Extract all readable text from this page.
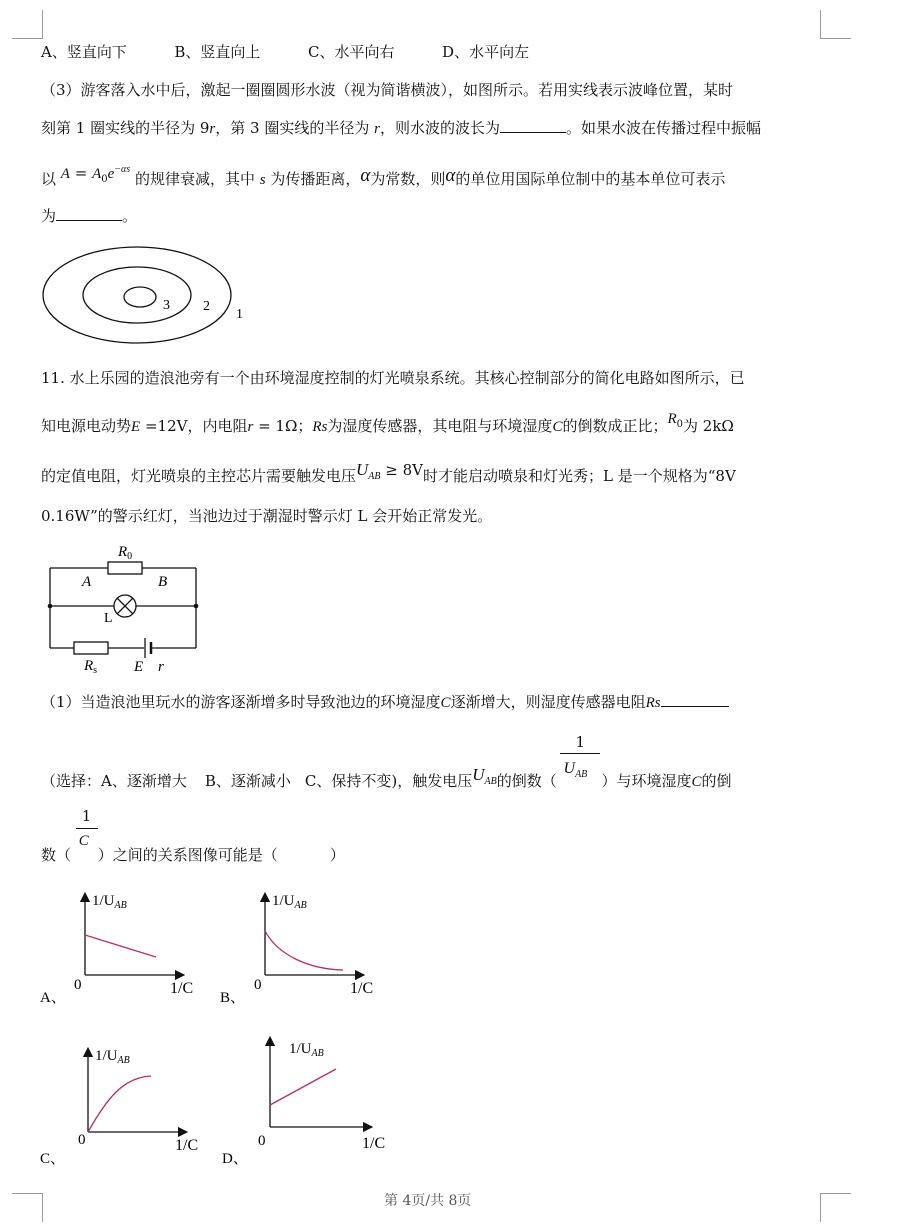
A、竖直向下	B、竖直向上	C、水平向右	D、水平向左
（3）游客落入水中后，激起一圈圈圆形水波（视为简谐横波），如图所示。若用实线表示波峰位置，某时
刻第 1 圈实线的半径为 9r，第 3 圈实线的半径为 r，则水波的波长为	。如果水波在传播过程中振幅
以 $A = A_0e^{-\alpha s}$ 的规律衰减，其中 s 为传播距离，α为常数，则α的单位用国际单位制中的基本单位可表示
为	。
3 2
1
11. 水上乐园的造浪池旁有一个由环境湿度控制的灯光喷泉系统。其核心控制部分的简化电路如图所示，已
知电源电动势E =12V，内电阻r = 1Ω；Rs为湿度传感器，其电阻与环境湿度C的倒数成正比；$R_0$为 2kΩ
的定值电阻，灯光喷泉的主控芯片需要触发电压$U_{AB} \ge 8V$时才能启动喷泉和灯光秀；L 是一个规格为“8V
0.16W”的警示红灯，当池边过于潮湿时警示灯 L 会开始正常发光。
$R_0$
A	B
L
$R_s$ E r
（1）当造浪池里玩水的游客逐渐增多时导致池边的环境湿度C逐渐增大，则湿度传感器电阻Rs
（选择：A、逐渐增大 B、逐渐减小 C、保持不变)，触发电压$U_{AB}$的倒数（
1
$U_{AB}$ ）与环境湿度C的倒
数（ $\frac{1}{C}$ ）之间的关系图像可能是（	）
$1/U_{AB}$
0	1/C
A、
$1/U_{AB}$
0	1/C
B、
$1/U_{AB}$
0	1/C
C、
$1/U_{AB}$
0	1/C
D、
第 4页/共 8页
